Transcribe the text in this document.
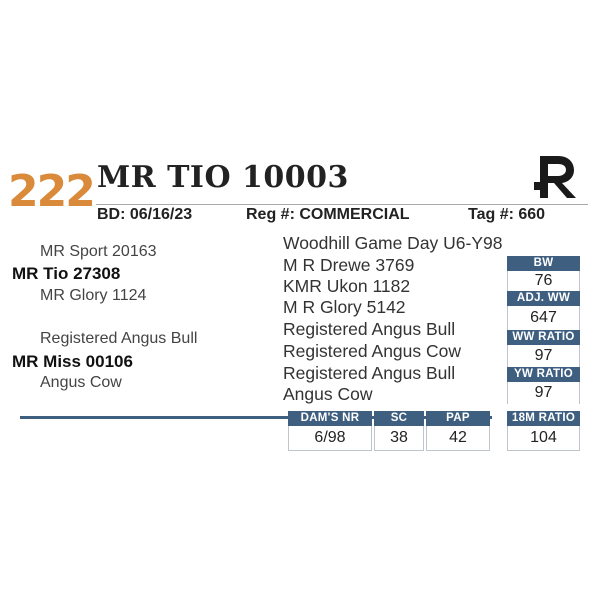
222 MR TIO 10003
BD: 06/16/23	Reg #: COMMERCIAL	Tag #: 660
MR Sport 20163
MR Tio 27308
MR Glory 1124
Registered Angus Bull
MR Miss 00106
Angus Cow
Woodhill Game Day U6-Y98
M R Drewe 3769
KMR Ukon 1182
M R Glory 5142
Registered Angus Bull
Registered Angus Cow
Registered Angus Bull
Angus Cow
BW
76
ADJ. WW
647
WW RATIO
97
YW RATIO
97
18M RATIO
104
DAM'S NR
6/98
SC
38
PAP
42
